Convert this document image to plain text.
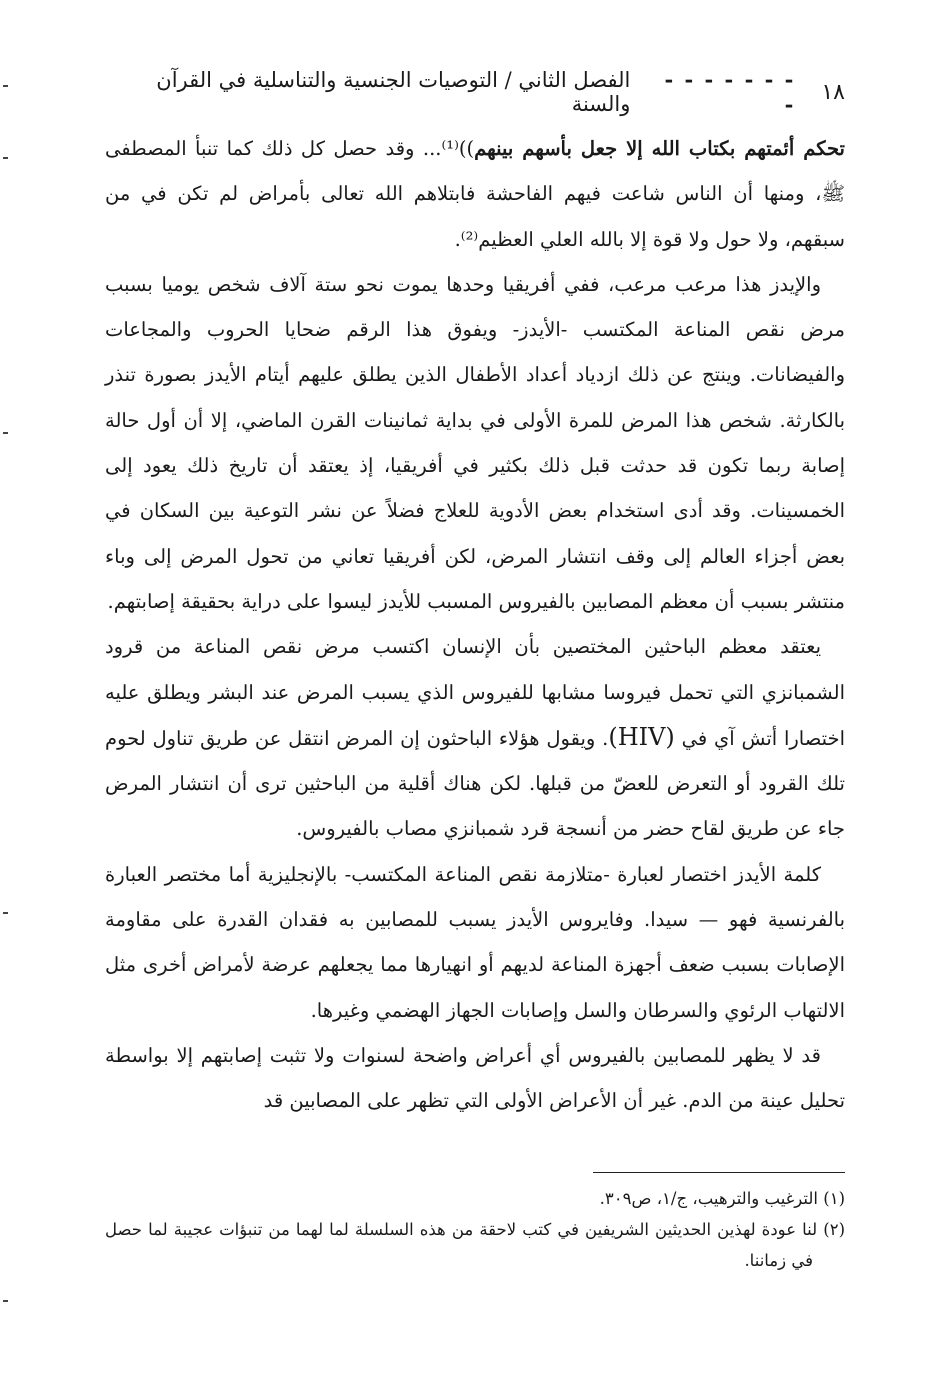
١٨
- - - - - - - -
الفصل الثاني / التوصيات الجنسية والتناسلية في القرآن والسنة

تحكم أئمتهم بكتاب الله إلا جعل بأسهم بينهم))⁽¹⁾... وقد حصل كل ذلك كما تنبأ المصطفى ﷺ، ومنها أن الناس شاعت فيهم الفاحشة فابتلاهم الله تعالى بأمراض لم تكن في من سبقهم، ولا حول ولا قوة إلا بالله العلي العظيم⁽²⁾.

والإيدز هذا مرعب مرعب، ففي أفريقيا وحدها يموت نحو ستة آلاف شخص يوميا بسبب مرض نقص المناعة المكتسب -الأيدز- ويفوق هذا الرقم ضحايا الحروب والمجاعات والفيضانات. وينتج عن ذلك ازدياد أعداد الأطفال الذين يطلق عليهم أيتام الأيدز بصورة تنذر بالكارثة. شخص هذا المرض للمرة الأولى في بداية ثمانينات القرن الماضي، إلا أن أول حالة إصابة ربما تكون قد حدثت قبل ذلك بكثير في أفريقيا، إذ يعتقد أن تاريخ ذلك يعود إلى الخمسينات. وقد أدى استخدام بعض الأدوية للعلاج فضلاً عن نشر التوعية بين السكان في بعض أجزاء العالم إلى وقف انتشار المرض، لكن أفريقيا تعاني من تحول المرض إلى وباء منتشر بسبب أن معظم المصابين بالفيروس المسبب للأيدز ليسوا على دراية بحقيقة إصابتهم.

يعتقد معظم الباحثين المختصين بأن الإنسان اكتسب مرض نقص المناعة من قرود الشمبانزي التي تحمل فيروسا مشابها للفيروس الذي يسبب المرض عند البشر ويطلق عليه اختصارا أتش آي في (HIV). ويقول هؤلاء الباحثون إن المرض انتقل عن طريق تناول لحوم تلك القرود أو التعرض للعضّ من قبلها. لكن هناك أقلية من الباحثين ترى أن انتشار المرض جاء عن طريق لقاح حضر من أنسجة قرد شمبانزي مصاب بالفيروس.

كلمة الأيدز اختصار لعبارة -متلازمة نقص المناعة المكتسب- بالإنجليزية أما مختصر العبارة بالفرنسية فهو — سيدا. وفايروس الأيدز يسبب للمصابين به فقدان القدرة على مقاومة الإصابات بسبب ضعف أجهزة المناعة لديهم أو انهيارها مما يجعلهم عرضة لأمراض أخرى مثل الالتهاب الرئوي والسرطان والسل وإصابات الجهاز الهضمي وغيرها.

قد لا يظهر للمصابين بالفيروس أي أعراض واضحة لسنوات ولا تثبت إصابتهم إلا بواسطة تحليل عينة من الدم. غير أن الأعراض الأولى التي تظهر على المصابين قد

(١) الترغيب والترهيب، ج/١، ص٣٠٩.

(٢) لنا عودة لهذين الحديثين الشريفين في كتب لاحقة من هذه السلسلة لما لهما من تنبؤات عجيبة لما حصل في زماننا.
